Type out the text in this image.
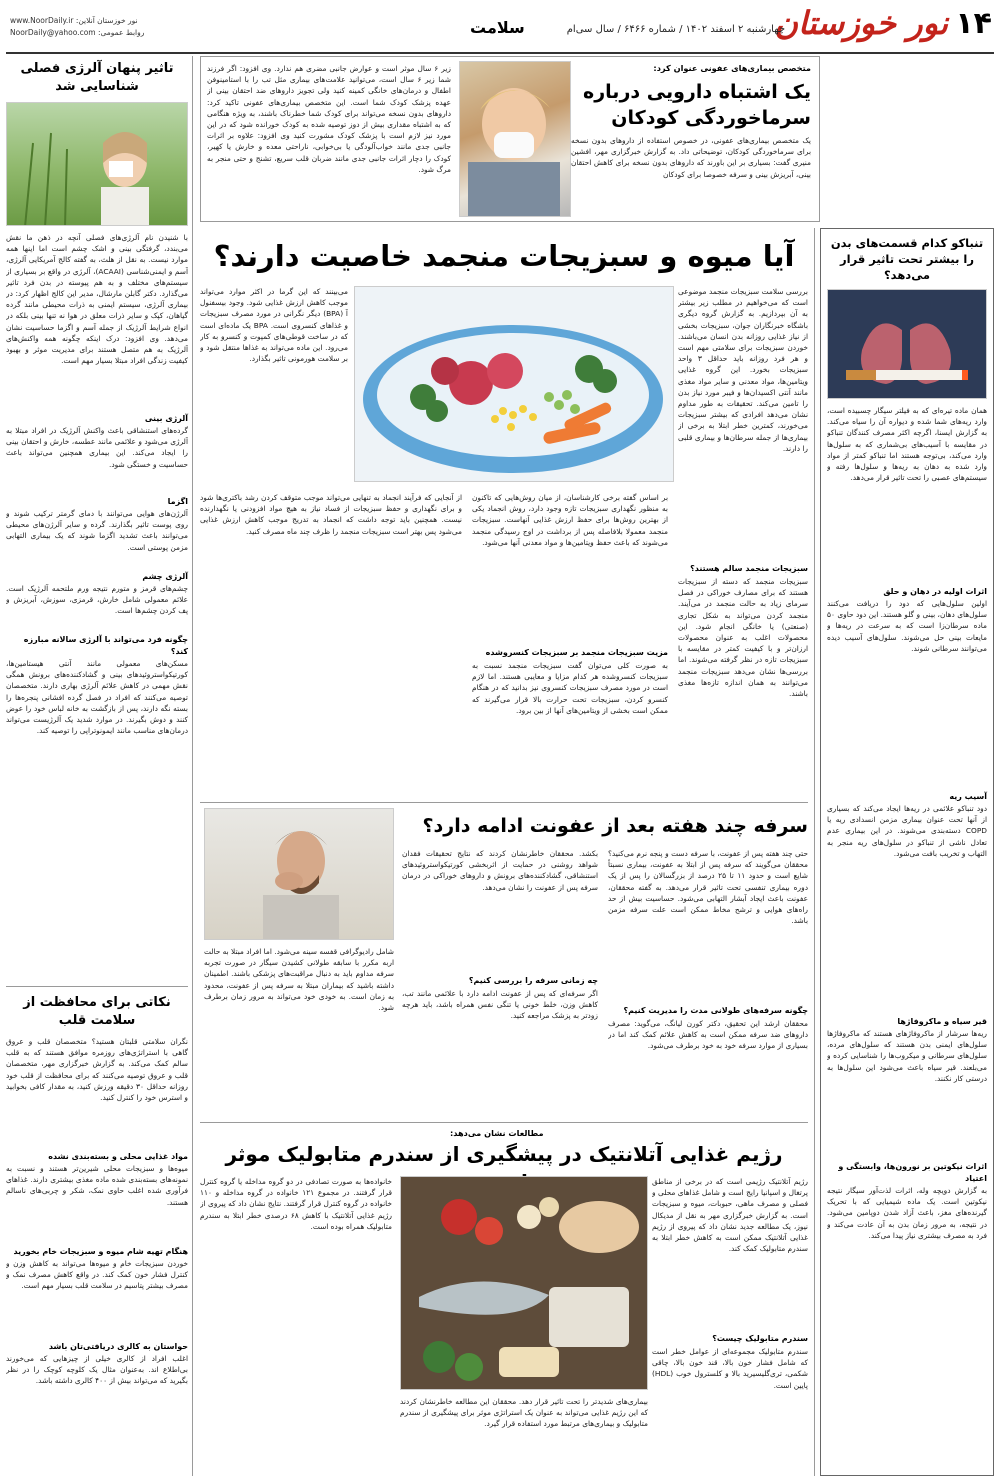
۱۴
نور خوزستان
چهارشنبه ۲ اسفند ۱۴۰۲ / شماره ۶۴۶۶ / سال سی‌ام
سلامت
نور خوزستان آنلاین: www.NoorDaily.ir
روابط عمومی: NoorDaily@yahoo.com
متخصص بیماری‌های عفونی عنوان کرد:
یک اشتباه دارویی درباره سرماخوردگی کودکان
یک متخصص بیماری‌های عفونی، در خصوص استفاده از داروهای بدون نسخه برای سرماخوردگی کودکان، توضیحاتی داد. به گزارش خبرگزاری مهر، افشین منیری گفت: بسیاری بر این باورند که داروهای بدون نسخه برای کاهش احتقان بینی، آبریزش بینی و سرفه خصوصا برای کودکان
زیر ۶ سال موثر است و عوارض جانبی مضری هم ندارد. وی افزود: اگر فرزند شما زیر ۶ سال است، می‌توانید علامت‌های بیماری مثل تب را با استامینوفن اطفال و درمان‌های خانگی کمینه کنید ولی تجویز داروهای ضد احتقان بینی از عهده پزشک کودک شما است. این متخصص بیماری‌های عفونی تاکید کرد: داروهای بدون نسخه می‌تواند برای کودک شما خطرناک باشند، به ویژه هنگامی که به اشتباه مقداری بیش از دوز توصیه شده به کودک خورانده شود که در این مورد نیز لازم است با پزشک کودک مشورت کنید وی افزود: علاوه بر اثرات جانبی جدی مانند خواب‌آلودگی یا بی‌خوابی، ناراحتی معده و خارش یا کهیر، کودک را دچار اثرات جانبی جدی مانند ضربان قلب سریع، تشنج و حتی منجر به مرگ شود.
تاثیر پنهان آلرژی فصلی شناسایی شد
با شنیدن نام آلرژی‌های فصلی آنچه در ذهن ما نقش می‌بندد، گرفتگی بینی و اشک چشم است اما اینها همه موارد نیست. به نقل از هلث، به گفته کالج آمریکایی آلرژی، آسم و ایمنی‌شناسی (ACAAI)، آلرژی در واقع بر بسیاری از سیستم‌های مختلف و به هم پیوسته در بدن فرد تاثیر می‌گذارد. دکتر گابلن مارشال، مدیر این کالج اظهار کرد: در بیماری آلرژی، سیستم ایمنی به ذرات محیطی مانند گرده گیاهان، کپک و سایر ذرات معلق در هوا نه تنها بینی بلکه در انواع شرایط آلرژیک از جمله آسم و اگزما حساسیت نشان می‌دهد. وی افزود: درک اینکه چگونه همه واکنش‌های آلرژیک به هم متصل هستند برای مدیریت موثر و بهبود کیفیت زندگی افراد مبتلا بسیار مهم است.
آلرژی بینی
گرده‌های استنشاقی باعث واکنش آلرژیک در افراد مبتلا به آلرژی می‌شود و علائمی مانند عطسه، خارش و احتقان بینی را ایجاد می‌کند. این بیماری همچنین می‌تواند باعث حساسیت و خستگی شود.
اگزما
آلرژن‌های هوایی می‌توانند با دمای گرمتر ترکیب شوند و روی پوست تاثیر بگذارند. گرده و سایر آلرژن‌های محیطی می‌توانند باعث تشدید اگزما شوند که یک بیماری التهابی مزمن پوستی است.
آلرژی چشم
چشم‌های قرمز و متورم نتیجه ورم ملتحمه آلرژیک است. علائم معمولی شامل خارش، قرمزی، سوزش، آبریزش و پف کردن چشم‌ها است.
چگونه فرد می‌تواند با آلرژی سالانه مبارزه کند؟
مسکن‌های معمولی مانند آنتی هیستامین‌ها، کورتیکواستروئیدهای بینی و گشادکننده‌های برونش همگی نقش مهمی در کاهش علائم آلرژی بهاری دارند. متخصصان توصیه می‌کنند که افراد در فصل گرده افشانی پنجره‌ها را بسته نگه دارند، پس از بازگشت به خانه لباس خود را عوض کنند و دوش بگیرند. در موارد شدید یک آلرژیست می‌تواند درمان‌های مناسب مانند ایمونوتراپی را توصیه کند.
نکاتی برای محافظت از سلامت قلب
نگران سلامتی قلبتان هستید؟ متخصصان قلب و عروق گاهی با استراتژی‌های روزمره موافق هستند که به قلب سالم کمک می‌کند. به گزارش خبرگزاری مهر، متخصصان قلب و عروق توصیه می‌کنند که برای محافظت از قلب خود روزانه حداقل ۳۰ دقیقه ورزش کنید، به مقدار کافی بخوابید و استرس خود را کنترل کنید.
مواد غذایی محلی و بسته‌بندی نشده
میوه‌ها و سبزیجات محلی شیرین‌تر هستند و نسبت به نمونه‌های بسته‌بندی شده ماده مغذی بیشتری دارند. غذاهای فرآوری شده اغلب حاوی نمک، شکر و چربی‌های ناسالم هستند.
هنگام تهیه شام میوه و سبزیجات خام بخورید
خوردن سبزیجات خام و میوه‌ها می‌تواند به کاهش وزن و کنترل فشار خون کمک کند. در واقع کاهش مصرف نمک و مصرف بیشتر پتاسیم در سلامت قلب بسیار مهم است.
حواستان به کالری دریافتی‌تان باشد
اغلب افراد از کالری خیلی از چیزهایی که می‌خورند بی‌اطلاع اند. به‌عنوان مثال یک کلوچه کوچک را در نظر بگیرید که می‌تواند بیش از ۴۰۰ کالری داشته باشد.
تنباکو کدام قسمت‌های بدن را بیشتر تحت تاثیر قرار می‌دهد؟
همان ماده تیره‌ای که به فیلتر سیگار چسبیده است، وارد ریه‌های شما شده و دیواره آن را سیاه می‌کند. به گزارش ایسنا، اگرچه اکثر مصرف کنندگان تنباکو در مقایسه با آسیب‌های بی‌شماری که به سلول‌ها وارد می‌کند، بی‌توجه هستند اما تنباکو کمتر از مواد وارد شده به دهان به ریه‌ها و سلول‌ها رفته و سیستم‌های عصبی را تحت تاثیر قرار می‌دهد.
اثرات اولیه در دهان و حلق
اولین سلول‌هایی که دود را دریافت می‌کنند سلول‌های دهان، بینی و گلو هستند. این دود حاوی ۵۰ ماده سرطان‌زا است که به سرعت در ریه‌ها و مایعات بینی حل می‌شوند. سلول‌های آسیب دیده می‌توانند سرطانی شوند.
آسیب ریه
دود تنباکو علائمی در ریه‌ها ایجاد می‌کند که بسیاری از آنها تحت عنوان بیماری مزمن انسدادی ریه یا COPD دسته‌بندی می‌شوند. در این بیماری عدم تعادل ناشی از تنباکو در سلول‌های ریه منجر به التهاب و تخریب بافت می‌شود.
قیر سیاه و ماکروفاژها
ریه‌ها سرشار از ماکروفاژهای هستند که ماکروفاژها سلول‌های ایمنی بدن هستند که سلول‌های مرده، سلول‌های سرطانی و میکروب‌ها را شناسایی کرده و می‌بلعند. قیر سیاه باعث می‌شود این سلول‌ها به درستی کار نکنند.
اثرات نیکوتین بر نورون‌ها، وابستگی و اعتیاد
به گزارش دویچه وله، اثرات لذت‌آور سیگار نتیجه نیکوتین است. یک ماده شیمیایی که با تحریک گیرنده‌های مغز، باعث آزاد شدن دوپامین می‌شود. در نتیجه، به مرور زمان بدن به آن عادت می‌کند و فرد به مصرف بیشتری نیاز پیدا می‌کند.
آیا میوه و سبزیجات منجمد خاصیت دارند؟
بررسی سلامت سبزیجات منجمد موضوعی است که می‌خواهیم در مطلب زیر بیشتر به آن بپردازیم. به گزارش گروه دیگری باشگاه خبرنگاران جوان، سبزیجات بخشی از نیاز غذایی روزانه بدن انسان می‌باشند. خوردن سبزیجات برای سلامتی مهم است و هر فرد روزانه باید حداقل ۳ واحد سبزیجات بخورد. این گروه غذایی ویتامین‌ها، مواد معدنی و سایر مواد مغذی مانند آنتی اکسیدان‌ها و فیبر مورد نیاز بدن را تامین می‌کند. تحقیقات به طور مداوم نشان می‌دهد افرادی که بیشتر سبزیجات می‌خورند، کمترین خطر ابتلا به برخی از بیماری‌ها از جمله سرطان‌ها و بیماری قلبی را دارند.
می‌بینند که این گرما در اکثر موارد می‌تواند موجب کاهش ارزش غذایی شود. وجود بیسفنول آ (BPA) دیگر نگرانی در مورد مصرف سبزیجات و غذاهای کنسروی است. BPA یک ماده‌ای است که در ساخت قوطی‌های کمپوت و کنسرو به کار می‌رود. این ماده می‌تواند به غذاها منتقل شود و بر سلامت هورمونی تاثیر بگذارد.
سبزیجات منجمد سالم هستند؟
سبزیجات منجمد که دسته از سبزیجات هستند که برای مصارف خوراکی در فصل سرمای زیاد به حالت منجمد در می‌آیند. منجمد کردن می‌تواند به شکل تجاری (صنعتی) یا خانگی انجام شود. این محصولات اغلب به عنوان محصولات ارزان‌تر و با کیفیت کمتر در مقایسه با سبزیجات تازه در نظر گرفته می‌شوند. اما بررسی‌ها نشان می‌دهد سبزیجات منجمد می‌توانند به همان اندازه تازه‌ها مغذی باشند.
بر اساس گفته برخی کارشناسان، از میان روش‌هایی که تاکنون به منظور نگهداری سبزیجات تازه وجود دارد، روش انجماد یکی از بهترین روش‌ها برای حفظ ارزش غذایی آنهاست. سبزیجات منجمد معمولا بلافاصله پس از برداشت در اوج رسیدگی منجمد می‌شوند که باعث حفظ ویتامین‌ها و مواد معدنی آنها می‌شود.
مزیت سبزیجات منجمد بر سبزیجات کنسروشده
به صورت کلی می‌توان گفت سبزیجات منجمد نسبت به سبزیجات کنسروشده هر کدام مزایا و معایبی هستند. اما لازم است در مورد مصرف سبزیجات کنسروی نیز بدانید که در هنگام کنسرو کردن، سبزیجات تحت حرارت بالا قرار می‌گیرند که ممکن است بخشی از ویتامین‌های آنها از بین برود.
از آنجایی که فرآیند انجماد به تنهایی می‌تواند موجب متوقف کردن رشد باکتری‌ها شود و برای نگهداری و حفظ سبزیجات از فساد نیاز به هیچ مواد افزودنی یا نگهدارنده نیست. همچنین باید توجه داشت که انجماد به تدریج موجب کاهش ارزش غذایی می‌شود پس بهتر است سبزیجات منجمد را ظرف چند ماه مصرف کنید.
سرفه چند هفته بعد از عفونت ادامه دارد؟
حتی چند هفته پس از عفونت، با سرفه دست و پنجه نرم می‌کنید؟ محققان می‌گویند که سرفه پس از ابتلا به عفونت، بیماری نسبتاً شایع است و حدود ۱۱ تا ۲۵ درصد از بزرگسالان را پس از یک دوره بیماری تنفسی تحت تاثیر قرار می‌دهد. به گفته محققان، عفونت باعث ایجاد آبشار التهابی می‌شود. حساسیت بیش از حد راه‌های هوایی و ترشح مخاط ممکن است علت سرفه مزمن باشد.
چگونه سرفه‌های طولانی مدت را مدیریت کنیم؟
محققان ارشد این تحقیق، دکتر کورن لیانگ، می‌گوید: مصرف داروهای ضد سرفه ممکن است به کاهش علائم کمک کند اما در بسیاری از موارد سرفه خود به خود برطرف می‌شود.
بکشد. محققان خاطرنشان کردند که نتایج تحقیقات فقدان شواهد روشنی در حمایت از اثربخشی کورتیکواستروئیدهای استنشاقی، گشادکننده‌های برونش و داروهای خوراکی در درمان سرفه پس از عفونت را نشان می‌دهد.
چه زمانی سرفه را بررسی کنیم؟
اگر سرفه‌ای که پس از عفونت ادامه دارد با علائمی مانند تب، کاهش وزن، خلط خونی یا تنگی نفس همراه باشد، باید هرچه زودتر به پزشک مراجعه کنید.
شامل رادیوگرافی قفسه سینه می‌شود. اما افراد مبتلا به حالت اربه مکرر با سابقه طولانی کشیدن سیگار در صورت تجربه سرفه مداوم باید به دنبال مراقبت‌های پزشکی باشند. اطمینان داشته باشید که بیماران مبتلا به سرفه پس از عفونت، محدود به زمان است. به خودی خود می‌تواند به مرور زمان برطرف شود.
مطالعات نشان می‌دهد:
رژیم غذایی آتلانتیک در پیشگیری از سندرم متابولیک موثر
رژیم آتلانتیک رژیمی است که در برخی از مناطق پرتغال و اسپانیا رایج است و شامل غذاهای محلی و فصلی و مصرف ماهی، حبوبات، میوه و سبزیجات است. به گزارش خبرگزاری مهر به نقل از مدیکال نیوز، یک مطالعه جدید نشان داد که پیروی از رژیم غذایی آتلانتیک ممکن است به کاهش خطر ابتلا به سندرم متابولیک کمک کند.
سندرم متابولیک چیست؟
سندرم متابولیک مجموعه‌ای از عوامل خطر است که شامل فشار خون بالا، قند خون بالا، چاقی شکمی، تری‌گلیسیرید بالا و کلسترول خوب (HDL) پایین است.
خانواده‌ها به صورت تصادفی در دو گروه مداخله یا گروه کنترل قرار گرفتند. در مجموع ۱۲۱ خانواده در گروه مداخله و ۱۱۰ خانواده در گروه کنترل قرار گرفتند. نتایج نشان داد که پیروی از رژیم غذایی آتلانتیک با کاهش ۶۸ درصدی خطر ابتلا به سندرم متابولیک همراه بوده است.
بیماری‌های شدیدتر را تحت تاثیر قرار دهد. محققان این مطالعه خاطرنشان کردند که این رژیم غذایی می‌تواند به عنوان یک استراتژی موثر برای پیشگیری از سندرم متابولیک و بیماری‌های مرتبط مورد استفاده قرار گیرد.
